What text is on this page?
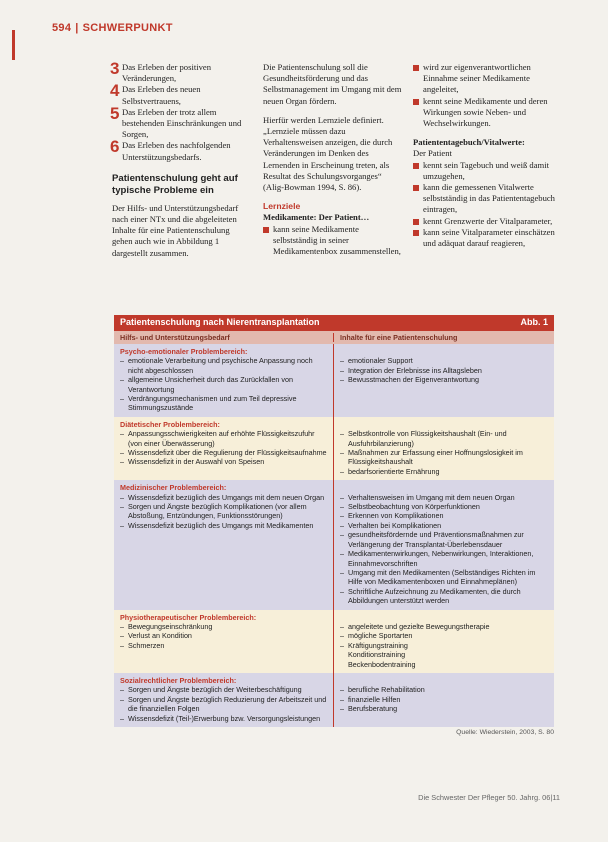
594 | SCHWERPUNKT
3 Das Erleben der positiven Veränderungen,
4 Das Erleben des neuen Selbstvertrauens,
5 Das Erleben der trotz allem bestehenden Einschränkungen und Sorgen,
6 Das Erleben des nachfolgenden Unterstützungsbedarfs.
Patientenschulung geht auf typische Probleme ein

Der Hilfs- und Unterstützungsbedarf nach einer NTx und die abgeleiteten Inhalte für eine Patientenschulung gehen auch wie in Abbildung 1 dargestellt zusammen.

Die Patientenschulung soll die Gesundheitsförderung und das Selbstmanagement im Umgang mit dem neuen Organ fördern.

Hierfür werden Lernziele definiert. „Lernziele müssen dazu Verhaltensweisen anzeigen, die durch Veränderungen im Denken des Lernenden in Erscheinung treten, als Resultat des Schulungsvorganges“ (Alig-Bowman 1994, S. 86).

Lernziele
Medikamente: Der Patient…
kann seine Medikamente selbstständig in seiner Medikamentenbox zusammenstellen,
wird zur eigenverantwortlichen Einnahme seiner Medikamente angeleitet,
kennt seine Medikamente und deren Wirkungen sowie Neben- und Wechselwirkungen.
Patiententagebuch/Vitalwerte:
Der Patient
kennt sein Tagebuch und weiß damit umzugehen,
kann die gemessenen Vitalwerte selbstständig in das Patiententagebuch eintragen,
kennt Grenzwerte der Vitalparameter,
kann seine Vitalparameter einschätzen und adäquat darauf reagieren,
Patientenschulung nach Nierentransplantation	Abb. 1
Hilfs- und Unterstützungsbedarf	Inhalte für eine Patientenschulung
Psycho-emotionaler Problembereich:
– emotionale Verarbeitung und psychische Anpassung noch nicht abgeschlossen
– allgemeine Unsicherheit durch das Zurückfallen von Verantwortung
– Verdrängungsmechanismen und zum Teil depressive Stimmungszustände
– emotionaler Support
– Integration der Erlebnisse ins Alltagsleben
– Bewusstmachen der Eigenverantwortung
Diätetischer Problembereich:
– Anpassungsschwierigkeiten auf erhöhte Flüssigkeitszufuhr (von einer Überwässerung)
– Wissensdefizit über die Regulierung der Flüssigkeitsaufnahme
– Wissensdefizit in der Auswahl von Speisen
– Selbstkontrolle von Flüssigkeitshaushalt (Ein- und Ausfuhrbilanzierung)
– Maßnahmen zur Erfassung einer Hoffnungslosigkeit im Flüssigkeitshaushalt
– bedarfsorientierte Ernährung
Medizinischer Problembereich:
– Wissensdefizit bezüglich des Umgangs mit dem neuen Organ
– Sorgen und Ängste bezüglich Komplikationen (vor allem Abstoßung, Entzündungen, Funktionsstörungen)
– Wissensdefizit bezüglich des Umgangs mit Medikamenten
– Verhaltensweisen im Umgang mit dem neuen Organ
– Selbstbeobachtung von Körperfunktionen
– Erkennen von Komplikationen
– Verhalten bei Komplikationen
– gesundheitsfördernde und Präventionsmaßnahmen zur Verlängerung der Transplantat-Überlebensdauer
– Medikamentenwirkungen, Nebenwirkungen, Interaktionen, Einnahmevorschriften
– Umgang mit den Medikamenten (Selbständiges Richten im Hilfe von Medikamentenboxen und Einnahmeplänen)
– Schriftliche Aufzeichnung zu Medikamenten, die durch Abbildungen unterstützt werden
Physiotherapeutischer Problembereich:
– Bewegungseinschränkung
– Verlust an Kondition
– Schmerzen
– angeleitete und gezielte Bewegungstherapie
– mögliche Sportarten
– Kräftigungstraining
Konditionstraining
Beckenbodentraining
Sozialrechtlicher Problembereich:
– Sorgen und Ängste bezüglich der Weiterbeschäftigung
– Sorgen und Ängste bezüglich Reduzierung der Arbeitszeit und die finanziellen Folgen
– Wissensdefizit (Teil-)Erwerbung bzw. Versorgungsleistungen
– berufliche Rehabilitation
– finanzielle Hilfen
– Berufsberatung
Quelle: Wiederstein, 2003, S. 80
Die Schwester Der Pfleger 50. Jahrg. 06|11
